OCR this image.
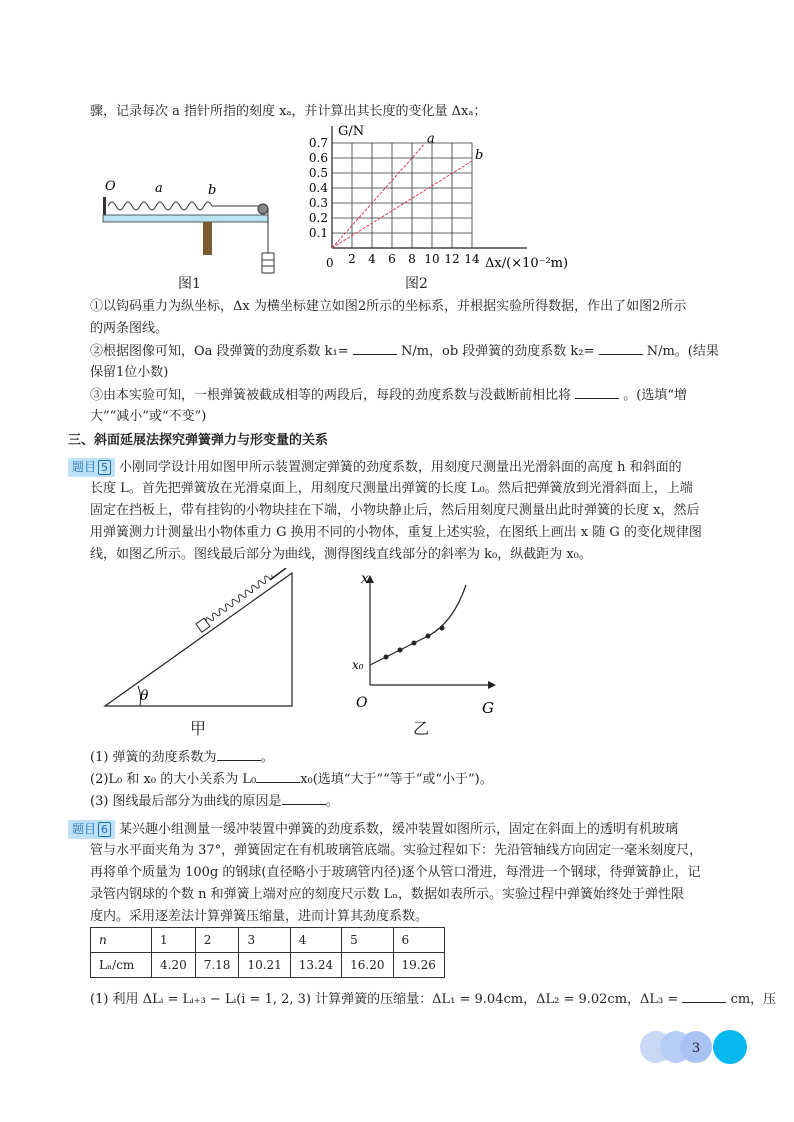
骤，记录每次 a 指针所指的刻度 xₐ，并计算出其长度的变化量 Δxₐ；
O	a	b
图1
0.1
0.2
0.3
0.4
0.5
0.6
0.7
2 4 6 8 10 12 14
a
b
G/N
Δx/(×10⁻²m)
0
图2
①以钩码重力为纵坐标，Δx 为横坐标建立如图2所示的坐标系，并根据实验所得数据，作出了如图2所示
的两条图线。
②根据图像可知，Oa 段弹簧的劲度系数 k₁=	N/m，ob 段弹簧的劲度系数 k₂=	N/m。(结果
保留1位小数)
③由本实验可知，一根弹簧被截成相等的两段后，每段的劲度系数与没截断前相比将	。(选填“增
大”“减小”或“不变”)
三、斜面延展法探究弹簧弹力与形变量的关系
题目 5 小刚同学设计用如图甲所示装置测定弹簧的劲度系数，用刻度尺测量出光滑斜面的高度 h 和斜面的
长度 L。首先把弹簧放在光滑桌面上，用刻度尺测量出弹簧的长度 L₀。然后把弹簧放到光滑斜面上，上端
固定在挡板上，带有挂钩的小物块挂在下端，小物块静止后，然后用刻度尺测量出此时弹簧的长度 x，然后
用弹簧测力计测量出小物体重力 G 换用不同的小物体，重复上述实验，在图纸上画出 x 随 G 的变化规律图
线，如图乙所示。图线最后部分为曲线，测得图线直线部分的斜率为 k₀，纵截距为 x₀。
θ
甲
x
G
O
x₀
乙
(1) 弹簧的劲度系数为	。
(2)L₀ 和 x₀ 的大小关系为 L₀	x₀(选填“大于”“等于”或“小于”)。
(3) 图线最后部分为曲线的原因是	。
题目 6 某兴趣小组测量一缓冲装置中弹簧的劲度系数，缓冲装置如图所示，固定在斜面上的透明有机玻璃
管与水平面夹角为 37°，弹簧固定在有机玻璃管底端。实验过程如下：先沿管轴线方向固定一毫米刻度尺，
再将单个质量为 100g 的钢球(直径略小于玻璃管内径)逐个从管口滑进，每滑进一个钢球，待弹簧静止，记
录管内钢球的个数 n 和弹簧上端对应的刻度尺示数 Lₙ，数据如表所示。实验过程中弹簧始终处于弹性限
度内。采用逐差法计算弹簧压缩量，进而计算其劲度系数。
n	1	2	3	4	5	6
Lₙ/cm	4.20	7.18	10.21	13.24	16.20	19.26
(1) 利用 ΔLᵢ = Lᵢ₊₃ − Lᵢ(i = 1, 2, 3) 计算弹簧的压缩量：ΔL₁ = 9.04cm，ΔL₂ = 9.02cm，ΔL₃ =	cm，压
3
